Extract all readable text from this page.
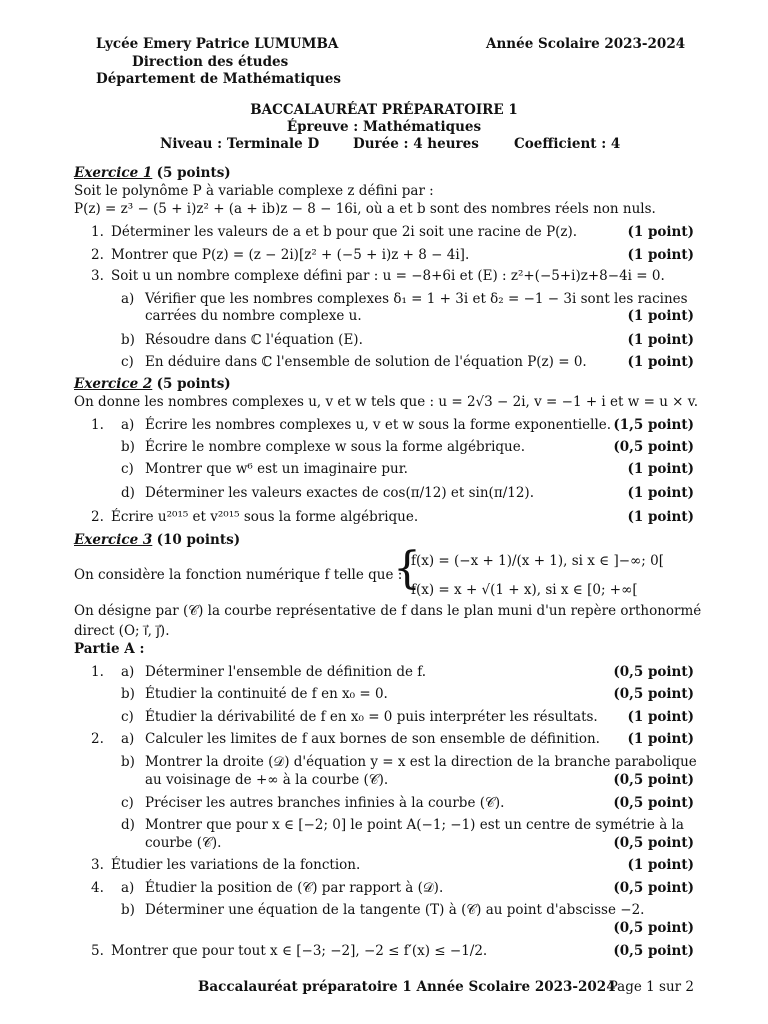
Lycée Emery Patrice LUMUMBA
Direction des études
Département de Mathématiques
Année Scolaire 2023-2024
BACCALAURÉAT PRÉPARATOIRE 1
Épreuve : Mathématiques
Niveau : Terminale D	Durée : 4 heures	Coefficient : 4
Exercice 1 (5 points)
Soit le polynôme P à variable complexe z défini par :
P(z) = z³ − (5 + i)z² + (a + ib)z − 8 − 16i, où a et b sont des nombres réels non nuls.
1. Déterminer les valeurs de a et b pour que 2i soit une racine de P(z).	(1 point)
2. Montrer que P(z) = (z − 2i)[z² + (−5 + i)z + 8 − 4i].	(1 point)
3. Soit u un nombre complexe défini par : u = −8+6i et (E) : z²+(−5+i)z+8−4i = 0.
a) Vérifier que les nombres complexes δ₁ = 1 + 3i et δ₂ = −1 − 3i sont les racines
carrées du nombre complexe u.	(1 point)
b) Résoudre dans ℂ l'équation (E).	(1 point)
c) En déduire dans ℂ l'ensemble de solution de l'équation P(z) = 0.	(1 point)
Exercice 2 (5 points)
On donne les nombres complexes u, v et w tels que : u = 2√3 − 2i, v = −1 + i et w = u × v.
1. a) Écrire les nombres complexes u, v et w sous la forme exponentielle. (1,5 point)
b) Écrire le nombre complexe w sous la forme algébrique.	(0,5 point)
c) Montrer que w⁶ est un imaginaire pur.	(1 point)
d) Déterminer les valeurs exactes de cos(π/12) et sin(π/12).	(1 point)
2. Écrire u²⁰¹⁵ et v²⁰¹⁵ sous la forme algébrique.	(1 point)
Exercice 3 (10 points)
On considère la fonction numérique f telle que :
{
f(x) = (−x + 1)/(x + 1), si x ∈ ]−∞; 0[
f(x) = x + √(1 + x), si x ∈ [0; +∞[
On désigne par (𝒞) la courbe représentative de f dans le plan muni d'un repère orthonormé
direct (O; i⃗, j⃗).
Partie A :
1. a) Déterminer l'ensemble de définition de f.	(0,5 point)
b) Étudier la continuité de f en x₀ = 0.	(0,5 point)
c) Étudier la dérivabilité de f en x₀ = 0 puis interpréter les résultats. (1 point)
2. a) Calculer les limites de f aux bornes de son ensemble de définition. (1 point)
b) Montrer la droite (𝒟) d'équation y = x est la direction de la branche parabolique
au voisinage de +∞ à la courbe (𝒞).	(0,5 point)
c) Préciser les autres branches infinies à la courbe (𝒞).	(0,5 point)
d) Montrer que pour x ∈ [−2; 0] le point A(−1; −1) est un centre de symétrie à la
courbe (𝒞).	(0,5 point)
3. Étudier les variations de la fonction.	(1 point)
4. a) Étudier la position de (𝒞) par rapport à (𝒟).	(0,5 point)
b) Déterminer une équation de la tangente (T) à (𝒞) au point d'abscisse −2.
(0,5 point)
5. Montrer que pour tout x ∈ [−3; −2], −2 ≤ f′(x) ≤ −1/2.	(0,5 point)
Baccalauréat préparatoire 1 Année Scolaire 2023-2024
Page 1 sur 2
